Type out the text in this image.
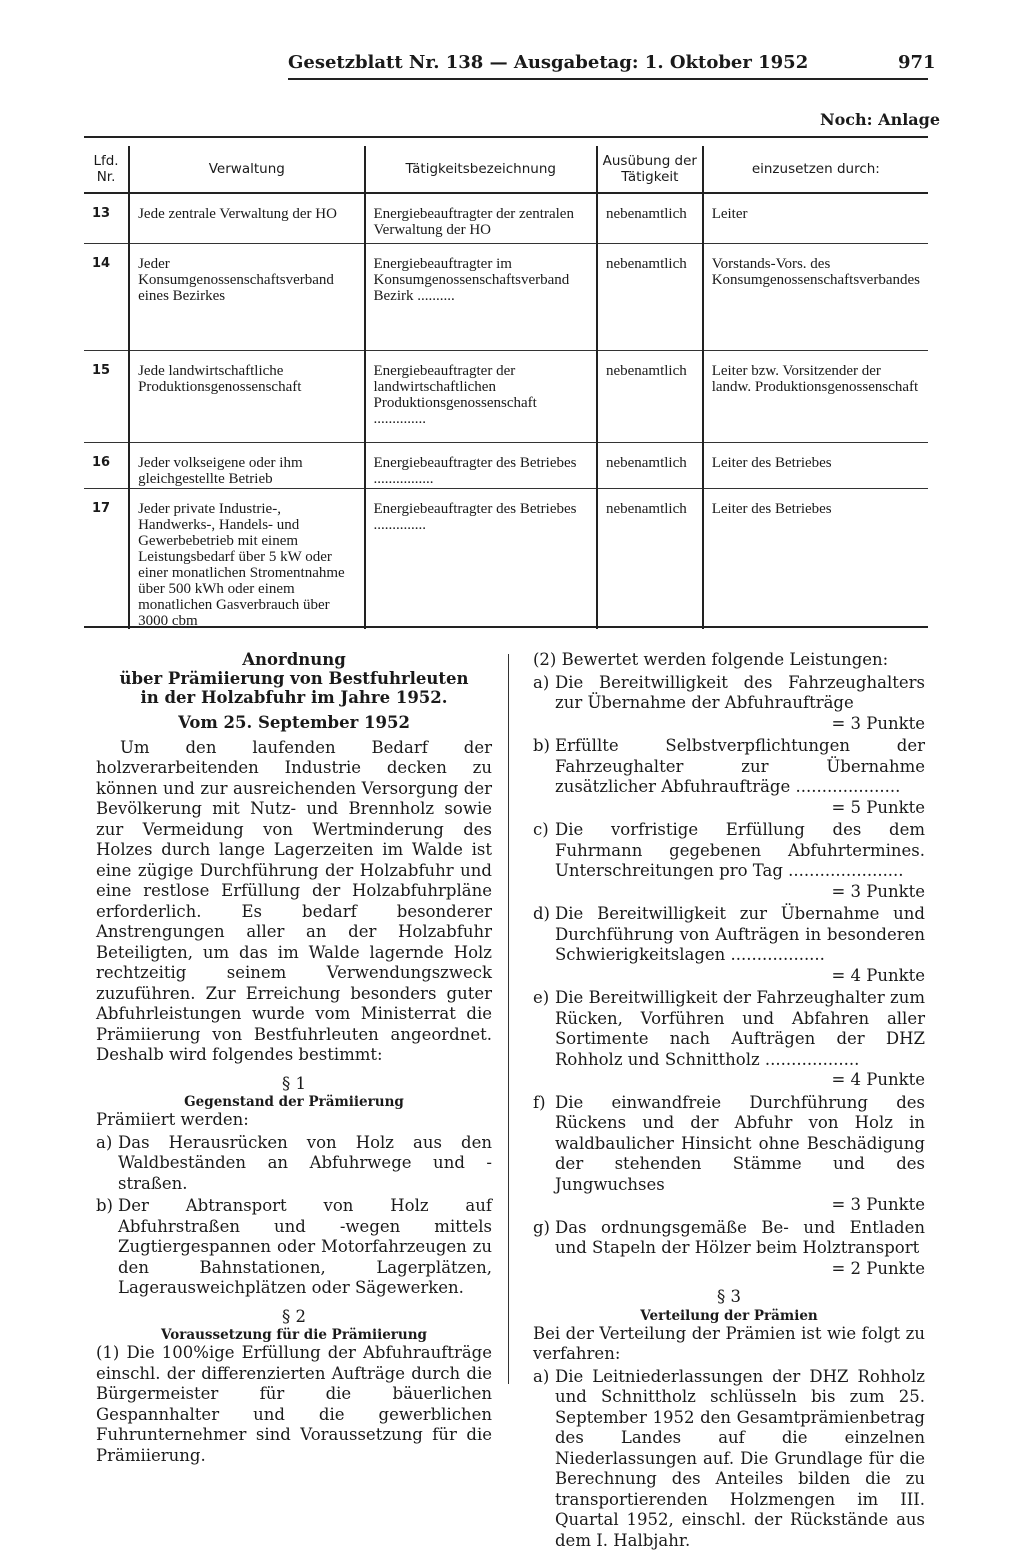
Gesetzblatt Nr. 138 — Ausgabetag: 1. Oktober 1952	971
Noch: Anlage
Lfd. Nr.	Verwaltung	Tätigkeitsbezeichnung	Ausübung der Tätigkeit	einzusetzen durch:
13	Jede zentrale Verwaltung der HO	Energiebeauftragter der zentralen Verwaltung der HO	nebenamtlich	Leiter
14	Jeder Konsumgenossenschaftsverband eines Bezirkes	Energiebeauftragter im Konsumgenossenschaftsverband Bezirk ..........	nebenamtlich	Vorstands-Vors. des Konsumgenossenschaftsverbandes
15	Jede landwirtschaftliche Produktionsgenossenschaft	Energiebeauftragter der landwirtschaftlichen Produktionsgenossenschaft ..............	nebenamtlich	Leiter bzw. Vorsitzender der landw. Produktionsgenossenschaft
16	Jeder volkseigene oder ihm gleichgestellte Betrieb	Energiebeauftragter des Betriebes ................	nebenamtlich	Leiter des Betriebes
17	Jeder private Industrie-, Handwerks-, Handels- und Gewerbebetrieb mit einem Leistungsbedarf über 5 kW oder einer monatlichen Stromentnahme über 500 kWh oder einem monatlichen Gasverbrauch über 3000 cbm	Energiebeauftragter des Betriebes ..............	nebenamtlich	Leiter des Betriebes
Anordnung
über Prämiierung von Bestfuhrleuten
in der Holzabfuhr im Jahre 1952.
Vom 25. September 1952

Um den laufenden Bedarf der holzverarbeitenden Industrie decken zu können und zur ausreichenden Versorgung der Bevölkerung mit Nutz- und Brennholz sowie zur Vermeidung von Wertminderung des Holzes durch lange Lagerzeiten im Walde ist eine zügige Durchführung der Holzabfuhr und eine restlose Erfüllung der Holzabfuhrpläne erforderlich. Es bedarf besonderer Anstrengungen aller an der Holzabfuhr Beteiligten, um das im Walde lagernde Holz rechtzeitig seinem Verwendungszweck zuzuführen. Zur Erreichung besonders guter Abfuhrleistungen wurde vom Ministerrat die Prämiierung von Bestfuhrleuten angeordnet. Deshalb wird folgendes bestimmt:

§ 1
Gegenstand der Prämiierung

Prämiiert werden:

a) Das Herausrücken von Holz aus den Waldbeständen an Abfuhrwege und -straßen.
b) Der Abtransport von Holz auf Abfuhrstraßen und -wegen mittels Zugtiergespannen oder Motorfahrzeugen zu den Bahnstationen, Lagerplätzen, Lagerausweichplätzen oder Sägewerken.
§ 2
Voraussetzung für die Prämiierung

(1) Die 100%ige Erfüllung der Abfuhraufträge einschl. der differenzierten Aufträge durch die Bürgermeister für die bäuerlichen Gespannhalter und die gewerblichen Fuhrunternehmer sind Voraussetzung für die Prämiierung.

(2) Bewertet werden folgende Leistungen:

a) Die Bereitwilligkeit des Fahrzeughalters zur Übernahme der Abfuhraufträge
= 3 Punkte
b) Erfüllte Selbstverpflichtungen der Fahrzeughalter zur Übernahme zusätzlicher Abfuhraufträge ....................
= 5 Punkte
c) Die vorfristige Erfüllung des dem Fuhrmann gegebenen Abfuhrtermines. Unterschreitungen pro Tag ......................
= 3 Punkte
d) Die Bereitwilligkeit zur Übernahme und Durchführung von Aufträgen in besonderen Schwierigkeitslagen ..................
= 4 Punkte
e) Die Bereitwilligkeit der Fahrzeughalter zum Rücken, Vorführen und Abfahren aller Sortimente nach Aufträgen der DHZ Rohholz und Schnittholz ..................
= 4 Punkte
f) Die einwandfreie Durchführung des Rückens und der Abfuhr von Holz in waldbaulicher Hinsicht ohne Beschädigung der stehenden Stämme und des Jungwuchses
= 3 Punkte
g) Das ordnungsgemäße Be- und Entladen und Stapeln der Hölzer beim Holztransport
= 2 Punkte
§ 3
Verteilung der Prämien

Bei der Verteilung der Prämien ist wie folgt zu verfahren:

a) Die Leitniederlassungen der DHZ Rohholz und Schnittholz schlüsseln bis zum 25. September 1952 den Gesamtprämienbetrag des Landes auf die einzelnen Niederlassungen auf. Die Grundlage für die Berechnung des Anteiles bilden die zu transportierenden Holzmengen im III. Quartal 1952, einschl. der Rückstände aus dem I. Halbjahr.
